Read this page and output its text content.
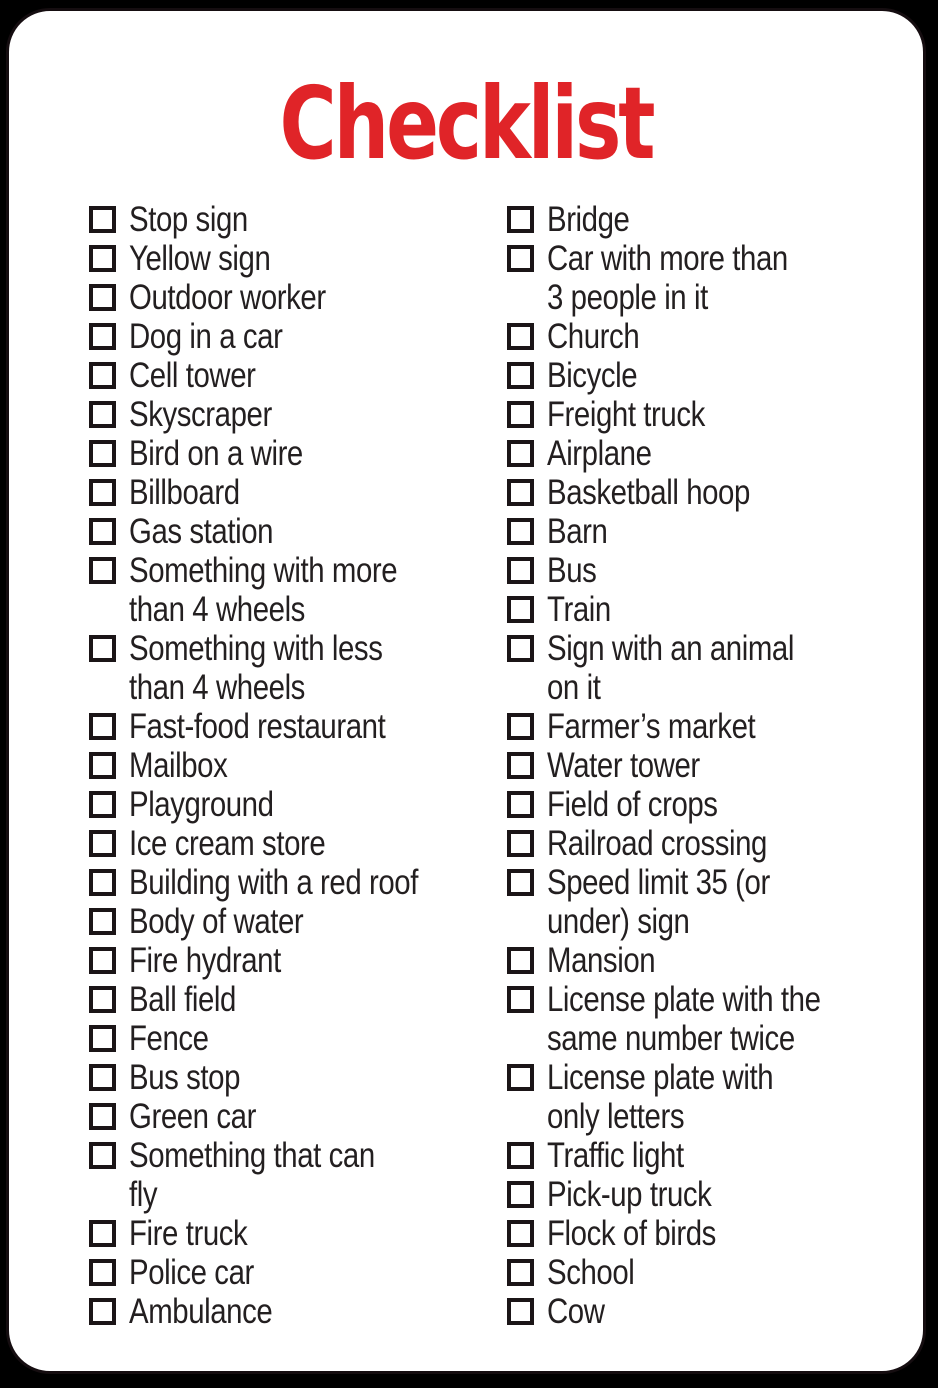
Checklist
Stop sign
Yellow sign
Outdoor worker
Dog in a car
Cell tower
Skyscraper
Bird on a wire
Billboard
Gas station
Something with more
than 4 wheels
Something with less
than 4 wheels
Fast-food restaurant
Mailbox
Playground
Ice cream store
Building with a red roof
Body of water
Fire hydrant
Ball field
Fence
Bus stop
Green car
Something that can
fly
Fire truck
Police car
Ambulance
Bridge
Car with more than
3 people in it
Church
Bicycle
Freight truck
Airplane
Basketball hoop
Barn
Bus
Train
Sign with an animal
on it
Farmer’s market
Water tower
Field of crops
Railroad crossing
Speed limit 35 (or
under) sign
Mansion
License plate with the
same number twice
License plate with
only letters
Traffic light
Pick-up truck
Flock of birds
School
Cow
